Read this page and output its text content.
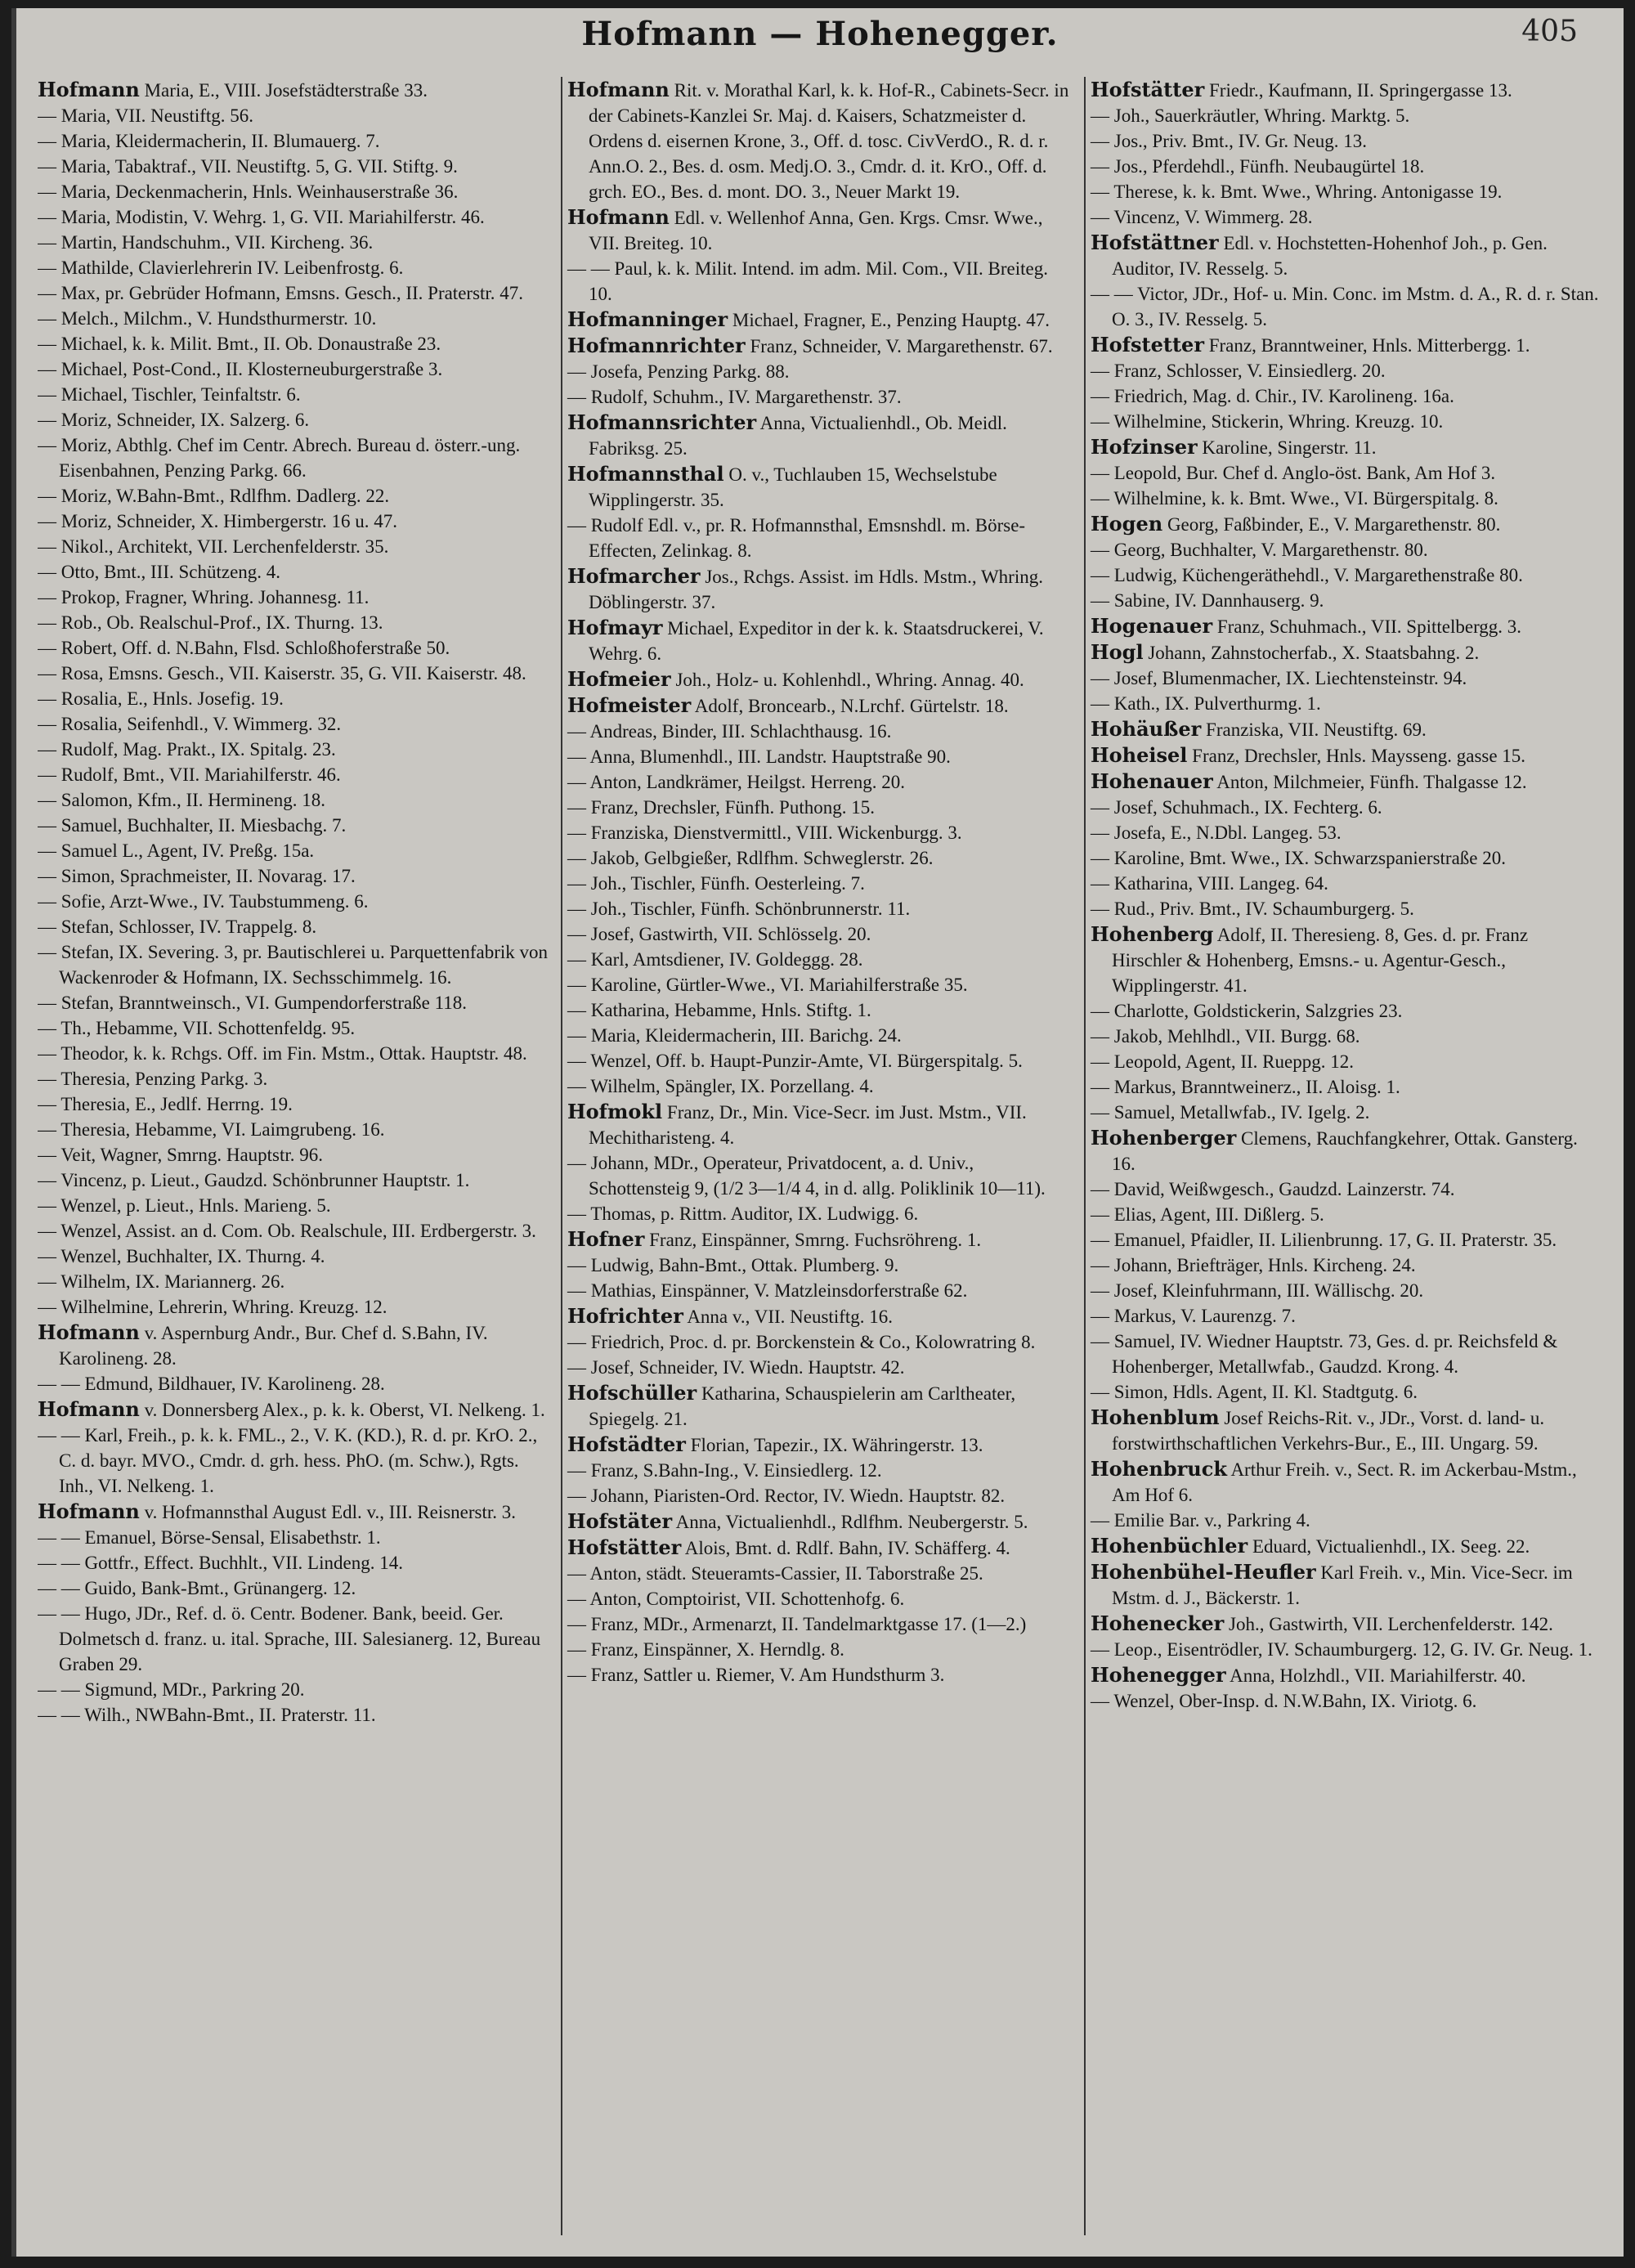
Hofmann — Hohenegger.	405

Hofmann Maria, E., VIII. Josefstädterstraße 33.

— Maria, VII. Neustiftg. 56.

— Maria, Kleidermacherin, II. Blumauerg. 7.

— Maria, Tabaktraf., VII. Neustiftg. 5, G. VII. Stiftg. 9.

— Maria, Deckenmacherin, Hnls. Weinhauserstraße 36.

— Maria, Modistin, V. Wehrg. 1, G. VII. Mariahilferstr. 46.

— Martin, Handschuhm., VII. Kircheng. 36.

— Mathilde, Clavierlehrerin IV. Leibenfrostg. 6.

— Max, pr. Gebrüder Hofmann, Emsns. Gesch., II. Praterstr. 47.

— Melch., Milchm., V. Hundsthurmerstr. 10.

— Michael, k. k. Milit. Bmt., II. Ob. Donaustraße 23.

— Michael, Post-Cond., II. Klosterneuburgerstraße 3.

— Michael, Tischler, Teinfaltstr. 6.

— Moriz, Schneider, IX. Salzerg. 6.

— Moriz, Abthlg. Chef im Centr. Abrech. Bureau d. österr.-ung. Eisenbahnen, Penzing Parkg. 66.

— Moriz, W.Bahn-Bmt., Rdlfhm. Dadlerg. 22.

— Moriz, Schneider, X. Himbergerstr. 16 u. 47.

— Nikol., Architekt, VII. Lerchenfelderstr. 35.

— Otto, Bmt., III. Schützeng. 4.

— Prokop, Fragner, Whring. Johannesg. 11.

— Rob., Ob. Realschul-Prof., IX. Thurng. 13.

— Robert, Off. d. N.Bahn, Flsd. Schloßhoferstraße 50.

— Rosa, Emsns. Gesch., VII. Kaiserstr. 35, G. VII. Kaiserstr. 48.

— Rosalia, E., Hnls. Josefig. 19.

— Rosalia, Seifenhdl., V. Wimmerg. 32.

— Rudolf, Mag. Prakt., IX. Spitalg. 23.

— Rudolf, Bmt., VII. Mariahilferstr. 46.

— Salomon, Kfm., II. Hermineng. 18.

— Samuel, Buchhalter, II. Miesbachg. 7.

— Samuel L., Agent, IV. Preßg. 15a.

— Simon, Sprachmeister, II. Novarag. 17.

— Sofie, Arzt-Wwe., IV. Taubstummeng. 6.

— Stefan, Schlosser, IV. Trappelg. 8.

— Stefan, IX. Severing. 3, pr. Bautischlerei u. Parquettenfabrik von Wackenroder & Hofmann, IX. Sechsschimmelg. 16.

— Stefan, Branntweinsch., VI. Gumpendorferstraße 118.

— Th., Hebamme, VII. Schottenfeldg. 95.

— Theodor, k. k. Rchgs. Off. im Fin. Mstm., Ottak. Hauptstr. 48.

— Theresia, Penzing Parkg. 3.

— Theresia, E., Jedlf. Herrng. 19.

— Theresia, Hebamme, VI. Laimgrubeng. 16.

— Veit, Wagner, Smrng. Hauptstr. 96.

— Vincenz, p. Lieut., Gaudzd. Schönbrunner Hauptstr. 1.

— Wenzel, p. Lieut., Hnls. Marieng. 5.

— Wenzel, Assist. an d. Com. Ob. Realschule, III. Erdbergerstr. 3.

— Wenzel, Buchhalter, IX. Thurng. 4.

— Wilhelm, IX. Mariannerg. 26.

— Wilhelmine, Lehrerin, Whring. Kreuzg. 12.

Hofmann v. Aspernburg Andr., Bur. Chef d. S.Bahn, IV. Karolineng. 28.

— — Edmund, Bildhauer, IV. Karolineng. 28.

Hofmann v. Donnersberg Alex., p. k. k. Oberst, VI. Nelkeng. 1.

— — Karl, Freih., p. k. k. FML., 2., V. K. (KD.), R. d. pr. KrO. 2., C. d. bayr. MVO., Cmdr. d. grh. hess. PhO. (m. Schw.), Rgts. Inh., VI. Nelkeng. 1.

Hofmann v. Hofmannsthal August Edl. v., III. Reisnerstr. 3.

— — Emanuel, Börse-Sensal, Elisabethstr. 1.

— — Gottfr., Effect. Buchhlt., VII. Lindeng. 14.

— — Guido, Bank-Bmt., Grünangerg. 12.

— — Hugo, JDr., Ref. d. ö. Centr. Bodener. Bank, beeid. Ger. Dolmetsch d. franz. u. ital. Sprache, III. Salesianerg. 12, Bureau Graben 29.

— — Sigmund, MDr., Parkring 20.

— — Wilh., NWBahn-Bmt., II. Praterstr. 11.

Hofmann Rit. v. Morathal Karl, k. k. Hof-R., Cabinets-Secr. in der Cabinets-Kanzlei Sr. Maj. d. Kaisers, Schatzmeister d. Ordens d. eisernen Krone, 3., Off. d. tosc. CivVerdO., R. d. r. Ann.O. 2., Bes. d. osm. Medj.O. 3., Cmdr. d. it. KrO., Off. d. grch. EO., Bes. d. mont. DO. 3., Neuer Markt 19.

Hofmann Edl. v. Wellenhof Anna, Gen. Krgs. Cmsr. Wwe., VII. Breiteg. 10.

— — Paul, k. k. Milit. Intend. im adm. Mil. Com., VII. Breiteg. 10.

Hofmanninger Michael, Fragner, E., Penzing Hauptg. 47.

Hofmannrichter Franz, Schneider, V. Margarethenstr. 67.

— Josefa, Penzing Parkg. 88.

— Rudolf, Schuhm., IV. Margarethenstr. 37.

Hofmannsrichter Anna, Victualienhdl., Ob. Meidl. Fabriksg. 25.

Hofmannsthal O. v., Tuchlauben 15, Wechselstube Wipplingerstr. 35.

— Rudolf Edl. v., pr. R. Hofmannsthal, Emsnshdl. m. Börse-Effecten, Zelinkag. 8.

Hofmarcher Jos., Rchgs. Assist. im Hdls. Mstm., Whring. Döblingerstr. 37.

Hofmayr Michael, Expeditor in der k. k. Staatsdruckerei, V. Wehrg. 6.

Hofmeier Joh., Holz- u. Kohlenhdl., Whring. Annag. 40.

Hofmeister Adolf, Broncearb., N.Lrchf. Gürtelstr. 18.

— Andreas, Binder, III. Schlachthausg. 16.

— Anna, Blumenhdl., III. Landstr. Hauptstraße 90.

— Anton, Landkrämer, Heilgst. Herreng. 20.

— Franz, Drechsler, Fünfh. Puthong. 15.

— Franziska, Dienstvermittl., VIII. Wickenburgg. 3.

— Jakob, Gelbgießer, Rdlfhm. Schweglerstr. 26.

— Joh., Tischler, Fünfh. Oesterleing. 7.

— Joh., Tischler, Fünfh. Schönbrunnerstr. 11.

— Josef, Gastwirth, VII. Schlösselg. 20.

— Karl, Amtsdiener, IV. Goldeggg. 28.

— Karoline, Gürtler-Wwe., VI. Mariahilferstraße 35.

— Katharina, Hebamme, Hnls. Stiftg. 1.

— Maria, Kleidermacherin, III. Barichg. 24.

— Wenzel, Off. b. Haupt-Punzir-Amte, VI. Bürgerspitalg. 5.

— Wilhelm, Spängler, IX. Porzellang. 4.

Hofmokl Franz, Dr., Min. Vice-Secr. im Just. Mstm., VII. Mechitharisteng. 4.

— Johann, MDr., Operateur, Privatdocent, a. d. Univ., Schottensteig 9, (1/2 3—1/4 4, in d. allg. Poliklinik 10—11).

— Thomas, p. Rittm. Auditor, IX. Ludwigg. 6.

Hofner Franz, Einspänner, Smrng. Fuchsröhreng. 1.

— Ludwig, Bahn-Bmt., Ottak. Plumberg. 9.

— Mathias, Einspänner, V. Matzleinsdorferstraße 62.

Hofrichter Anna v., VII. Neustiftg. 16.

— Friedrich, Proc. d. pr. Borckenstein & Co., Kolowratring 8.

— Josef, Schneider, IV. Wiedn. Hauptstr. 42.

Hofschüller Katharina, Schauspielerin am Carltheater, Spiegelg. 21.

Hofstädter Florian, Tapezir., IX. Währingerstr. 13.

— Franz, S.Bahn-Ing., V. Einsiedlerg. 12.

— Johann, Piaristen-Ord. Rector, IV. Wiedn. Hauptstr. 82.

Hofstäter Anna, Victualienhdl., Rdlfhm. Neubergerstr. 5.

Hofstätter Alois, Bmt. d. Rdlf. Bahn, IV. Schäfferg. 4.

— Anton, städt. Steueramts-Cassier, II. Taborstraße 25.

— Anton, Comptoirist, VII. Schottenhofg. 6.

— Franz, MDr., Armenarzt, II. Tandelmarktgasse 17. (1—2.)

— Franz, Einspänner, X. Herndlg. 8.

— Franz, Sattler u. Riemer, V. Am Hundsthurm 3.

Hofstätter Friedr., Kaufmann, II. Springergasse 13.

— Joh., Sauerkräutler, Whring. Marktg. 5.

— Jos., Priv. Bmt., IV. Gr. Neug. 13.

— Jos., Pferdehdl., Fünfh. Neubaugürtel 18.

— Therese, k. k. Bmt. Wwe., Whring. Antonigasse 19.

— Vincenz, V. Wimmerg. 28.

Hofstättner Edl. v. Hochstetten-Hohenhof Joh., p. Gen. Auditor, IV. Resselg. 5.

— — Victor, JDr., Hof- u. Min. Conc. im Mstm. d. A., R. d. r. Stan. O. 3., IV. Resselg. 5.

Hofstetter Franz, Branntweiner, Hnls. Mitterbergg. 1.

— Franz, Schlosser, V. Einsiedlerg. 20.

— Friedrich, Mag. d. Chir., IV. Karolineng. 16a.

— Wilhelmine, Stickerin, Whring. Kreuzg. 10.

Hofzinser Karoline, Singerstr. 11.

— Leopold, Bur. Chef d. Anglo-öst. Bank, Am Hof 3.

— Wilhelmine, k. k. Bmt. Wwe., VI. Bürgerspitalg. 8.

Hogen Georg, Faßbinder, E., V. Margarethenstr. 80.

— Georg, Buchhalter, V. Margarethenstr. 80.

— Ludwig, Küchengeräthehdl., V. Margarethenstraße 80.

— Sabine, IV. Dannhauserg. 9.

Hogenauer Franz, Schuhmach., VII. Spittelbergg. 3.

Hogl Johann, Zahnstocherfab., X. Staatsbahng. 2.

— Josef, Blumenmacher, IX. Liechtensteinstr. 94.

— Kath., IX. Pulverthurmg. 1.

Hohäußer Franziska, VII. Neustiftg. 69.

Hoheisel Franz, Drechsler, Hnls. Maysseng. gasse 15.

Hohenauer Anton, Milchmeier, Fünfh. Thalgasse 12.

— Josef, Schuhmach., IX. Fechterg. 6.

— Josefa, E., N.Dbl. Langeg. 53.

— Karoline, Bmt. Wwe., IX. Schwarzspanierstraße 20.

— Katharina, VIII. Langeg. 64.

— Rud., Priv. Bmt., IV. Schaumburgerg. 5.

Hohenberg Adolf, II. Theresieng. 8, Ges. d. pr. Franz Hirschler & Hohenberg, Emsns.- u. Agentur-Gesch., Wipplingerstr. 41.

— Charlotte, Goldstickerin, Salzgries 23.

— Jakob, Mehlhdl., VII. Burgg. 68.

— Leopold, Agent, II. Rueppg. 12.

— Markus, Branntweinerz., II. Aloisg. 1.

— Samuel, Metallwfab., IV. Igelg. 2.

Hohenberger Clemens, Rauchfangkehrer, Ottak. Gansterg. 16.

— David, Weißwgesch., Gaudzd. Lainzerstr. 74.

— Elias, Agent, III. Dißlerg. 5.

— Emanuel, Pfaidler, II. Lilienbrunng. 17, G. II. Praterstr. 35.

— Johann, Briefträger, Hnls. Kircheng. 24.

— Josef, Kleinfuhrmann, III. Wällischg. 20.

— Markus, V. Laurenzg. 7.

— Samuel, IV. Wiedner Hauptstr. 73, Ges. d. pr. Reichsfeld & Hohenberger, Metallwfab., Gaudzd. Krong. 4.

— Simon, Hdls. Agent, II. Kl. Stadtgutg. 6.

Hohenblum Josef Reichs-Rit. v., JDr., Vorst. d. land- u. forstwirthschaftlichen Verkehrs-Bur., E., III. Ungarg. 59.

Hohenbruck Arthur Freih. v., Sect. R. im Ackerbau-Mstm., Am Hof 6.

— Emilie Bar. v., Parkring 4.

Hohenbüchler Eduard, Victualienhdl., IX. Seeg. 22.

Hohenbühel-Heufler Karl Freih. v., Min. Vice-Secr. im Mstm. d. J., Bäckerstr. 1.

Hohenecker Joh., Gastwirth, VII. Lerchenfelderstr. 142.

— Leop., Eisentrödler, IV. Schaumburgerg. 12, G. IV. Gr. Neug. 1.

Hohenegger Anna, Holzhdl., VII. Mariahilferstr. 40.

— Wenzel, Ober-Insp. d. N.W.Bahn, IX. Viriotg. 6.
